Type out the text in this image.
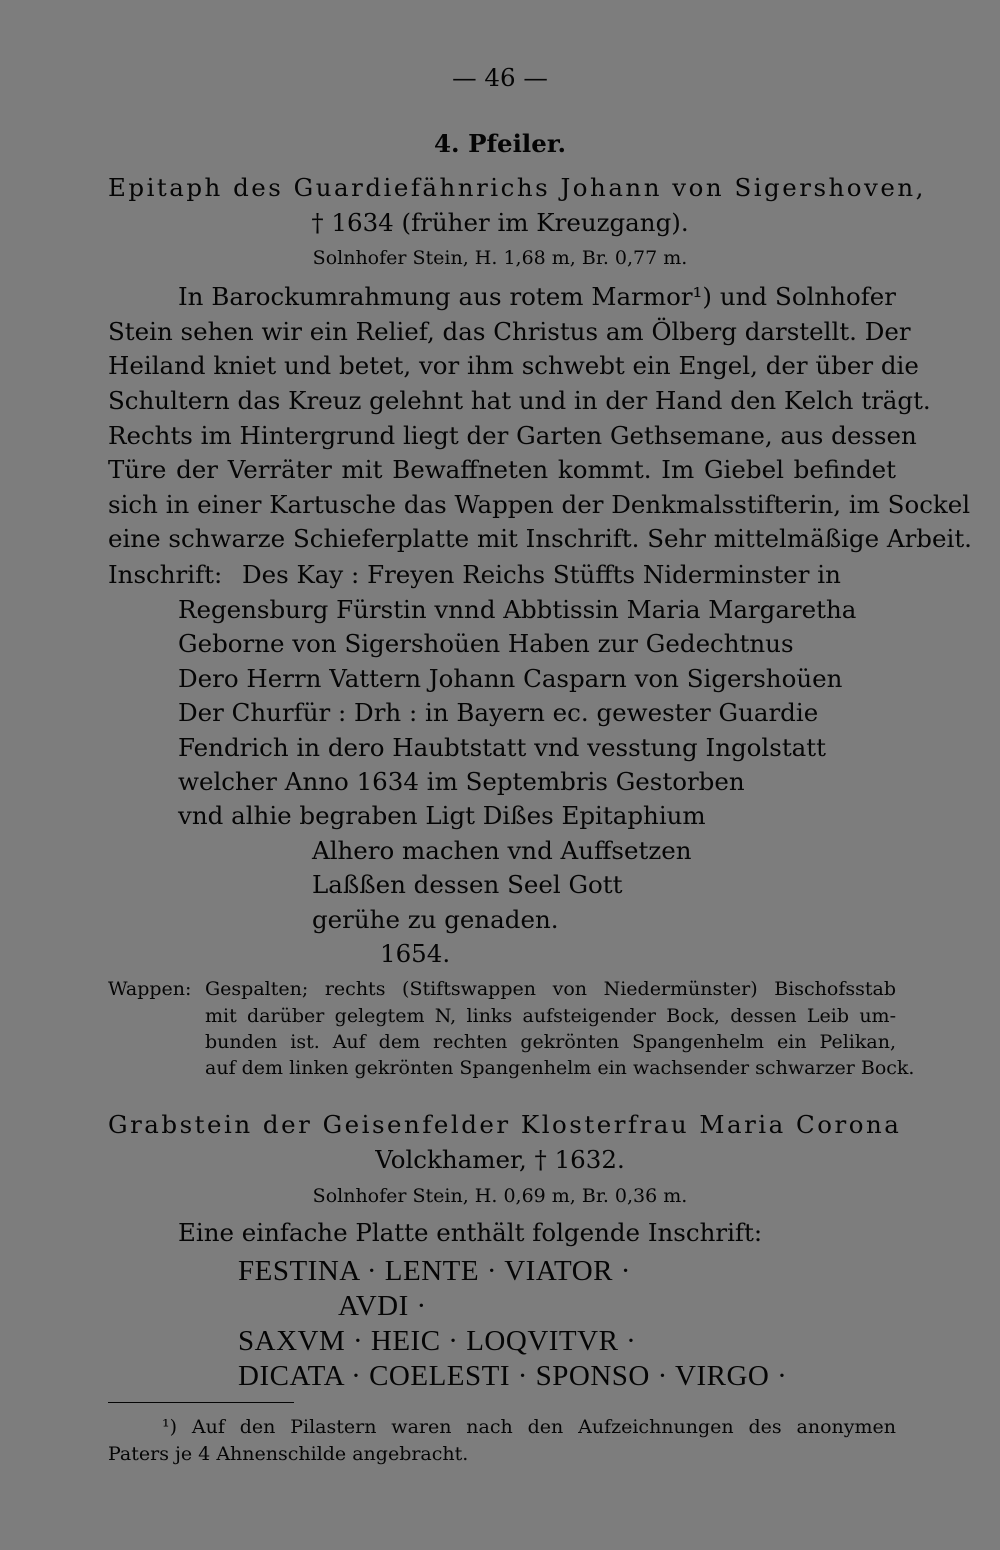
— 46 —
4. Pfeiler.
Epitaph des Guardiefähnrichs Johann von Sigershoven,
† 1634 (früher im Kreuzgang).
Solnhofer Stein, H. 1,68 m, Br. 0,77 m.
In Barockumrahmung aus rotem Marmor¹) und Solnhofer
Stein sehen wir ein Relief, das Christus am Ölberg darstellt. Der
Heiland kniet und betet, vor ihm schwebt ein Engel, der über die
Schultern das Kreuz gelehnt hat und in der Hand den Kelch trägt.
Rechts im Hintergrund liegt der Garten Gethsemane, aus dessen
Türe der Verräter mit Bewaffneten kommt. Im Giebel befindet
sich in einer Kartusche das Wappen der Denkmalsstifterin, im Sockel
eine schwarze Schieferplatte mit Inschrift. Sehr mittelmäßige Arbeit.
Inschrift: Des Kay : Freyen Reichs Stüffts Niderminster in
Regensburg Fürstin vnnd Abbtissin Maria Margaretha
Geborne von Sigershoüen Haben zur Gedechtnus
Dero Herrn Vattern Johann Casparn von Sigershoüen
Der Churfür : Drh : in Bayern ec. gewester Guardie
Fendrich in dero Haubtstatt vnd vesstung Ingolstatt
welcher Anno 1634 im Septembris Gestorben
vnd alhie begraben Ligt Dißes Epitaphium
Alhero machen vnd Auffsetzen
Laßßen dessen Seel Gott
gerühe zu genaden.
1654.
Wappen: Gespalten; rechts (Stiftswappen von Niedermünster) Bischofsstab
mit darüber gelegtem N, links aufsteigender Bock, dessen Leib um-
bunden ist. Auf dem rechten gekrönten Spangenhelm ein Pelikan,
auf dem linken gekrönten Spangenhelm ein wachsender schwarzer Bock.
Grabstein der Geisenfelder Klosterfrau Maria Corona
Volckhamer, † 1632.
Solnhofer Stein, H. 0,69 m, Br. 0,36 m.
Eine einfache Platte enthält folgende Inschrift:
FESTINA · LENTE · VIATOR ·
AVDI ·
SAXVM · HEIC · LOQVITVR ·
DICATA · COELESTI · SPONSO · VIRGO ·
¹) Auf den Pilastern waren nach den Aufzeichnungen des anonymen
Paters je 4 Ahnenschilde angebracht.
